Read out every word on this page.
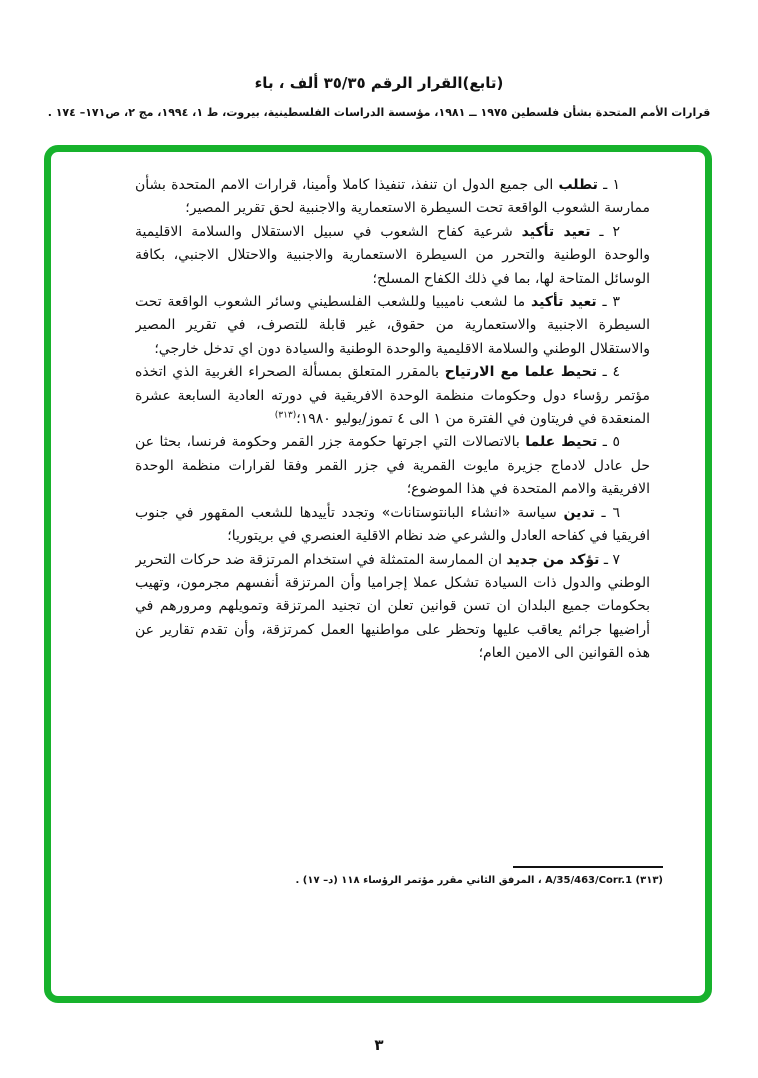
(تابع)القرار الرقم ٣٥/٣٥ ألف ، باء
قرارات الأمم المتحدة بشأن فلسطين ١٩٧٥ ــ ١٩٨١، مؤسسة الدراسات الفلسطينية، بيروت، ط ١، ١٩٩٤، مج ٢، ص١٧١– ١٧٤ .

١ ـ تطلب الى جميع الدول ان تنفذ، تنفيذا كاملا وأمينا، قرارات الامم المتحدة بشأن ممارسة الشعوب الواقعة تحت السيطرة الاستعمارية والاجنبية لحق تقرير المصير؛

٢ ـ تعيد تأكيد شرعية كفاح الشعوب في سبيل الاستقلال والسلامة الاقليمية والوحدة الوطنية والتحرر من السيطرة الاستعمارية والاجنبية والاحتلال الاجنبي، بكافة الوسائل المتاحة لها، بما في ذلك الكفاح المسلح؛

٣ ـ تعيد تأكيد ما لشعب ناميبيا وللشعب الفلسطيني وسائر الشعوب الواقعة تحت السيطرة الاجنبية والاستعمارية من حقوق، غير قابلة للتصرف، في تقرير المصير والاستقلال الوطني والسلامة الاقليمية والوحدة الوطنية والسيادة دون اي تدخل خارجي؛

٤ ـ تحيط علما مع الارتياح بالمقرر المتعلق بمسألة الصحراء الغربية الذي اتخذه مؤتمر رؤساء دول وحكومات منظمة الوحدة الافريقية في دورته العادية السابعة عشرة المنعقدة في فريتاون في الفترة من ١ الى ٤ تموز/يوليو ١٩٨٠؛$^{(٣١٣)}$

٥ ـ تحيط علما بالاتصالات التي اجرتها حكومة جزر القمر وحكومة فرنسا، بحثا عن حل عادل لادماج جزيرة مايوت القمرية في جزر القمر وفقا لقرارات منظمة الوحدة الافريقية والامم المتحدة في هذا الموضوع؛

٦ ـ تدين سياسة «انشاء البانتوستانات» وتجدد تأييدها للشعب المقهور في جنوب افريقيا في كفاحه العادل والشرعي ضد نظام الاقلية العنصري في بريتوريا؛

٧ ـ تؤكد من جديد ان الممارسة المتمثلة في استخدام المرتزقة ضد حركات التحرير الوطني والدول ذات السيادة تشكل عملا إجراميا وأن المرتزقة أنفسهم مجرمون، وتهيب بحكومات جميع البلدان ان تسن قوانين تعلن ان تجنيد المرتزقة وتمويلهم ومرورهم في أراضيها جرائم يعاقب عليها وتحظر على مواطنيها العمل كمرتزقة، وأن تقدم تقارير عن هذه القوانين الى الامين العام؛

(٣١٣) A/35/463/Corr.1 ، المرفق الثاني مقرر مؤتمر الرؤساء ١١٨ (د– ١٧) .
٣
